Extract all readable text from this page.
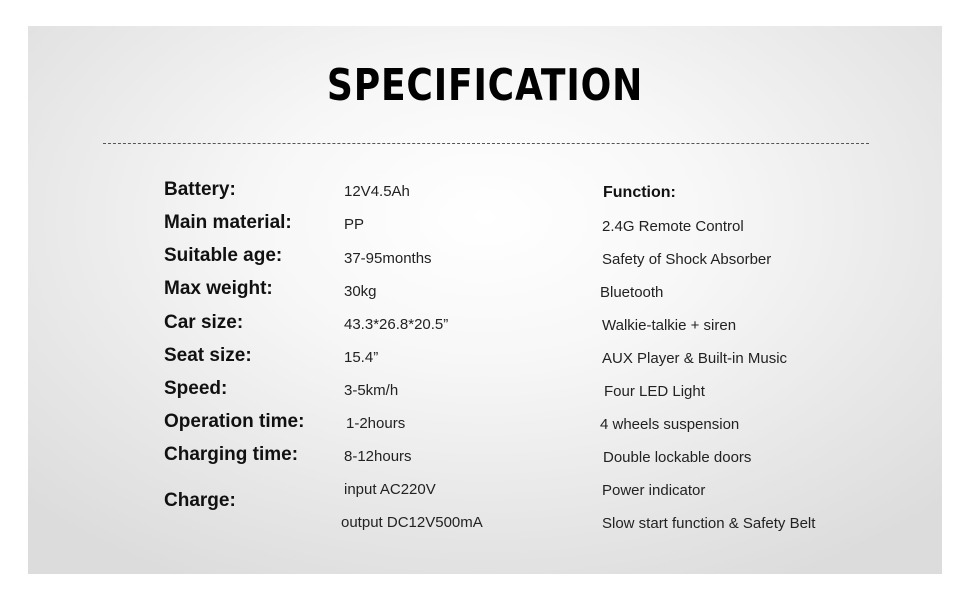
SPECIFICATION
Battery:
Main material:
Suitable age:
Max weight:
Car size:
Seat size:
Speed:
Operation time:
Charging time:
Charge:
12V4.5Ah
PP
37-95months
30kg
43.3*26.8*20.5”
15.4”
3-5km/h
1-2hours
8-12hours
input AC220V
output DC12V500mA
Function:
2.4G Remote Control
Safety of Shock Absorber
Bluetooth
Walkie-talkie + siren
AUX Player & Built-in Music
Four LED Light
4 wheels suspension
Double lockable doors
Power indicator
Slow start function & Safety Belt
